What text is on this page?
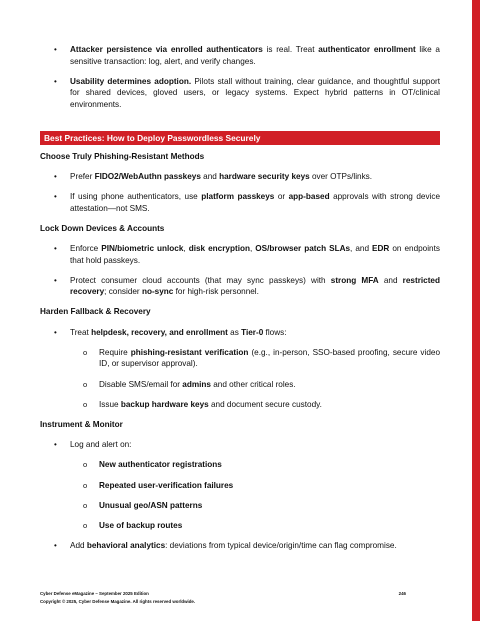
• Attacker persistence via enrolled authenticators is real. Treat authenticator enrollment like a sensitive transaction: log, alert, and verify changes.
• Usability determines adoption. Pilots stall without training, clear guidance, and thoughtful support for shared devices, gloved users, or legacy systems. Expect hybrid patterns in OT/clinical environments.
Best Practices: How to Deploy Passwordless Securely
Choose Truly Phishing-Resistant Methods
• Prefer FIDO2/WebAuthn passkeys and hardware security keys over OTPs/links.
• If using phone authenticators, use platform passkeys or app-based approvals with strong device attestation—not SMS.
Lock Down Devices & Accounts
• Enforce PIN/biometric unlock, disk encryption, OS/browser patch SLAs, and EDR on endpoints that hold passkeys.
• Protect consumer cloud accounts (that may sync passkeys) with strong MFA and restricted recovery; consider no-sync for high-risk personnel.
Harden Fallback & Recovery
• Treat helpdesk, recovery, and enrollment as Tier-0 flows:
o Require phishing-resistant verification (e.g., in-person, SSO-based proofing, secure video ID, or supervisor approval).
o Disable SMS/email for admins and other critical roles.
o Issue backup hardware keys and document secure custody.
Instrument & Monitor
• Log and alert on:
o New authenticator registrations
o Repeated user-verification failures
o Unusual geo/ASN patterns
o Use of backup routes
• Add behavioral analytics: deviations from typical device/origin/time can flag compromise.
Cyber Defense eMagazine – September 2025 Edition	246
Copyright © 2025, Cyber Defense Magazine. All rights reserved worldwide.
